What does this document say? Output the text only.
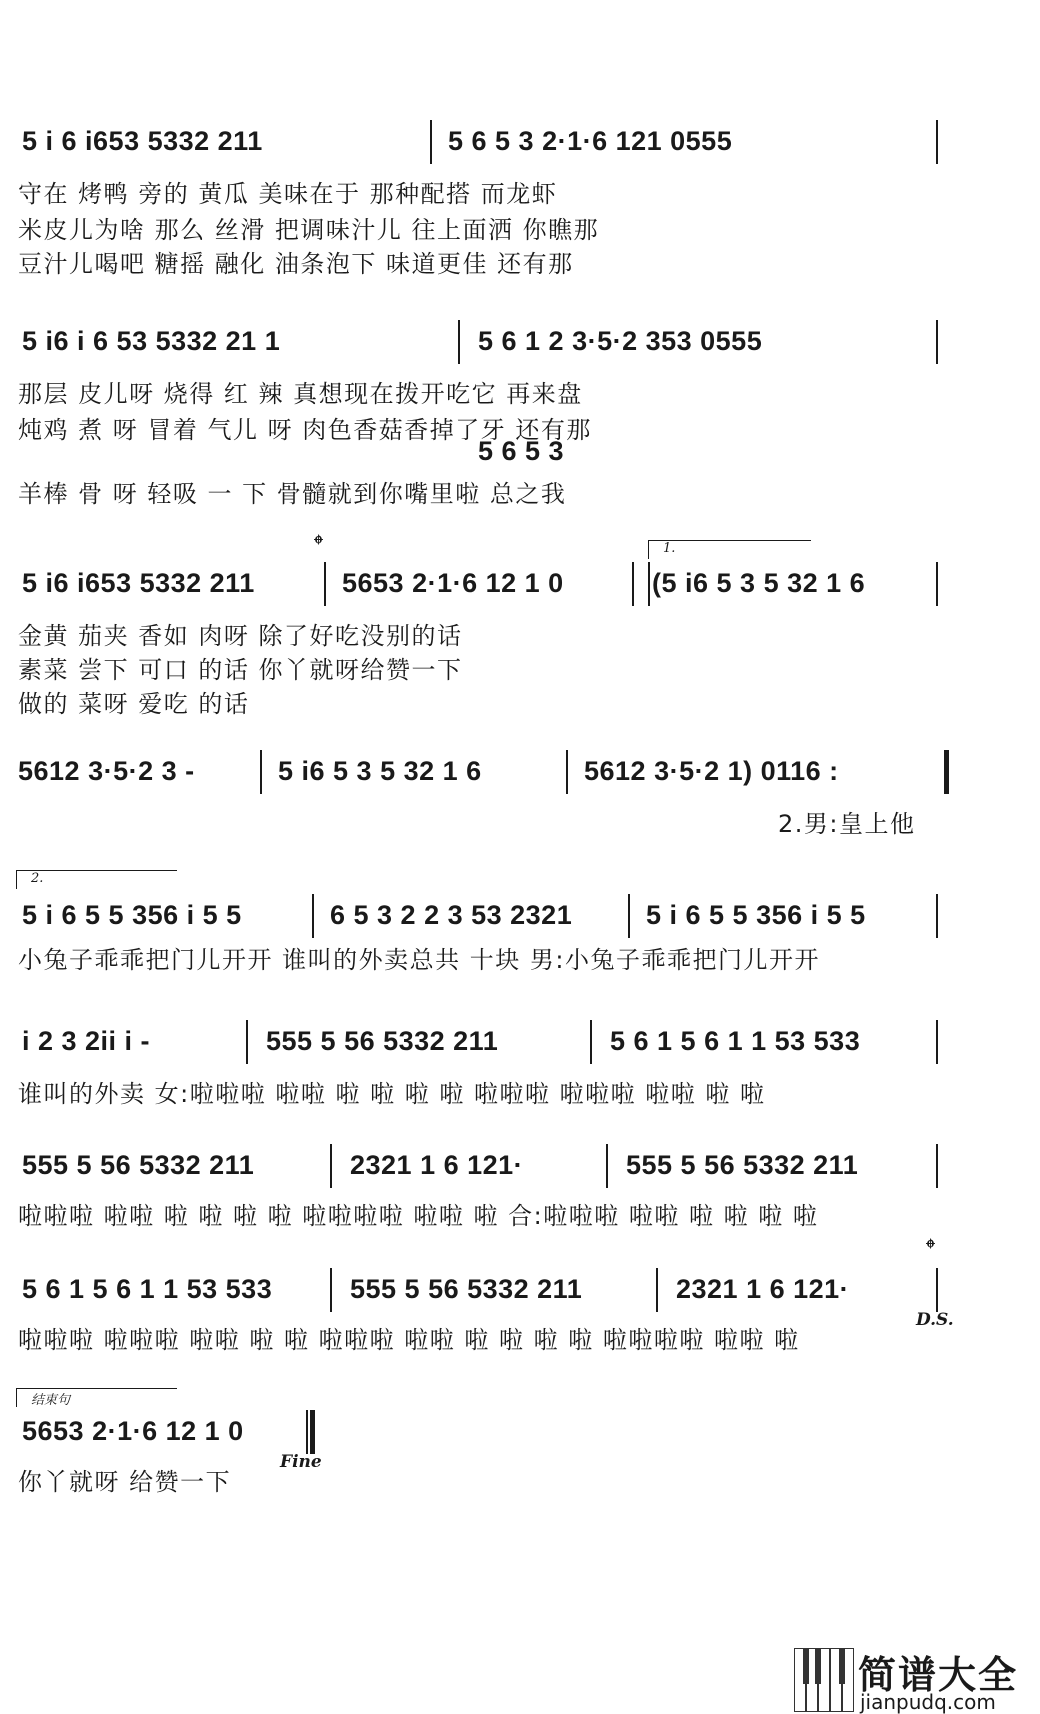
5 i 6 i653 5332 211	5 6 5 3 2·1·6 121 0555
守在 烤鸭 旁的 黄瓜 美味在于 那种配搭 而龙虾
米皮儿为啥 那么 丝滑 把调味汁儿 往上面洒 你瞧那
豆汁儿喝吧 糖摇 融化 油条泡下 味道更佳 还有那
5 i6 i 6 53 5332 21 1	5 6 1 2 3·5·2 353 0555
那层 皮儿呀 烧得 红 辣 真想现在拨开吃它 再来盘
炖鸡 煮 呀 冒着 气儿 呀 肉色香菇香掉了牙 还有那
5 6 5 3
羊棒 骨 呀 轻吸 一 下 骨髓就到你嘴里啦 总之我
5 i6 i653 5332 211	5653 2·1·6 12 1 0	(5 i6 5 3 5 32 1 6
金黄 茄夹 香如 肉呀 除了好吃没别的话
素菜 尝下 可口 的话 你丫就呀给赞一下
做的 菜呀 爱吃 的话
5612 3·5·2 3 -	5 i6 5 3 5 32 1 6	5612 3·5·2 1) 0116 :
2.男:皇上他
5 i 6 5 5 356 i 5 5	6 5 3 2 2 3 53 2321	5 i 6 5 5 356 i 5 5
小兔子乖乖把门儿开开 谁叫的外卖总共 十块 男:小兔子乖乖把门儿开开
i 2 3 2ii i -	555 5 56 5332 211	5 6 1 5 6 1 1 53 533
谁叫的外卖 女:啦啦啦 啦啦 啦 啦 啦 啦 啦啦啦 啦啦啦 啦啦 啦 啦
555 5 56 5332 211	2321 1 6 121·	555 5 56 5332 211
啦啦啦 啦啦 啦 啦 啦 啦 啦啦啦啦 啦啦 啦 合:啦啦啦 啦啦 啦 啦 啦 啦
5 6 1 5 6 1 1 53 533	555 5 56 5332 211	2321 1 6 121·
啦啦啦 啦啦啦 啦啦 啦 啦 啦啦啦 啦啦 啦 啦 啦 啦 啦啦啦啦 啦啦 啦
5653 2·1·6 12 1 0
你丫就呀 给赞一下
1.
2.
结束句
𝄌
𝄌
D.S.
Fine
简谱大全
jianpudq.com
